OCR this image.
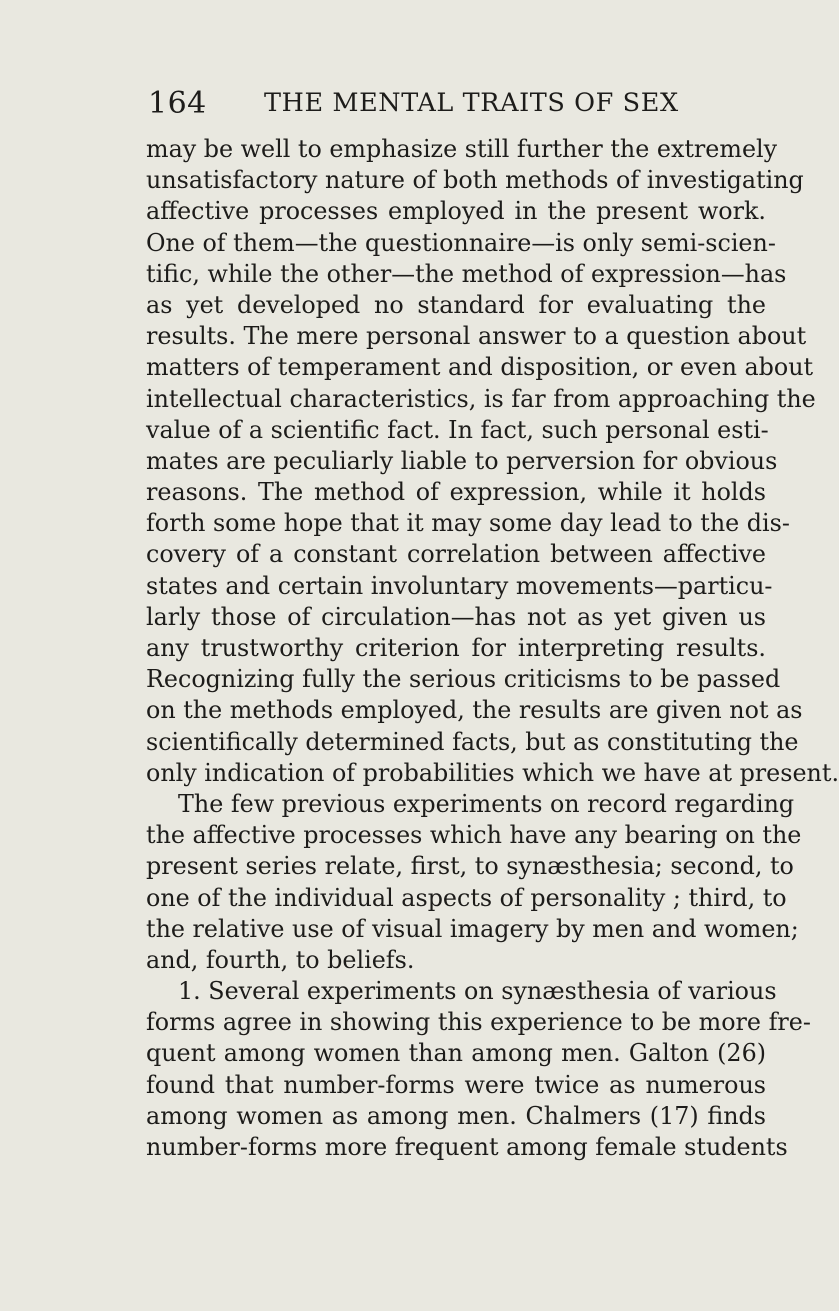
164 THE MENTAL TRAITS OF SEX
may be well to emphasize still further the extremely
unsatisfactory nature of both methods of investigating
affective processes employed in the present work.
One of them—the questionnaire—is only semi-scien-
tific, while the other—the method of expression—has
as yet developed no standard for evaluating the
results. The mere personal answer to a question about
matters of temperament and disposition, or even about
intellectual characteristics, is far from approaching the
value of a scientific fact. In fact, such personal esti-
mates are peculiarly liable to perversion for obvious
reasons. The method of expression, while it holds
forth some hope that it may some day lead to the dis-
covery of a constant correlation between affective
states and certain involuntary movements—particu-
larly those of circulation—has not as yet given us
any trustworthy criterion for interpreting results.
Recognizing fully the serious criticisms to be passed
on the methods employed, the results are given not as
scientifically determined facts, but as constituting the
only indication of probabilities which we have at present.
The few previous experiments on record regarding
the affective processes which have any bearing on the
present series relate, first, to synæsthesia; second, to
one of the individual aspects of personality ; third, to
the relative use of visual imagery by men and women;
and, fourth, to beliefs.
1. Several experiments on synæsthesia of various
forms agree in showing this experience to be more fre-
quent among women than among men. Galton (26)
found that number-forms were twice as numerous
among women as among men. Chalmers (17) finds
number-forms more frequent among female students
